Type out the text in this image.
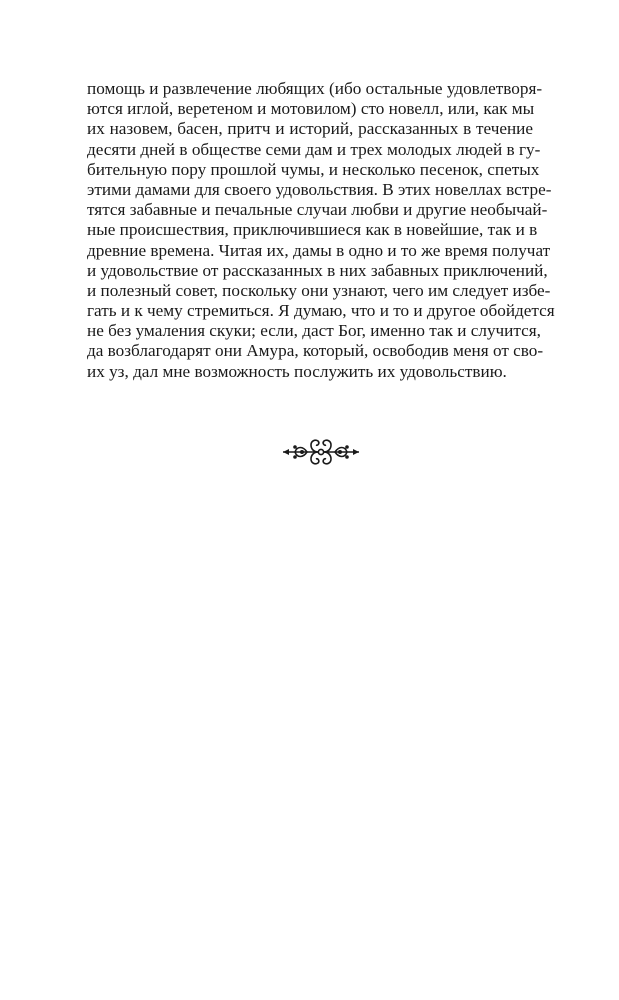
помощь и развлечение любящих (ибо остальные удовлетворя-
ются иглой, веретеном и мотовилом) сто новелл, или, как мы
их назовем, басен, притч и историй, рассказанных в течение
десяти дней в обществе семи дам и трех молодых людей в гу-
бительную пору прошлой чумы, и несколько песенок, спетых
этими дамами для своего удовольствия. В этих новеллах встре-
тятся забавные и печальные случаи любви и другие необычай-
ные происшествия, приключившиеся как в новейшие, так и в
древние времена. Читая их, дамы в одно и то же время получат
и удовольствие от рассказанных в них забавных приключений,
и полезный совет, поскольку они узнают, чего им следует избе-
гать и к чему стремиться. Я думаю, что и то и другое обойдется
не без умаления скуки; если, даст Бог, именно так и случится,
да возблагодарят они Амура, который, освободив меня от сво-
их уз, дал мне возможность послужить их удовольствию.
